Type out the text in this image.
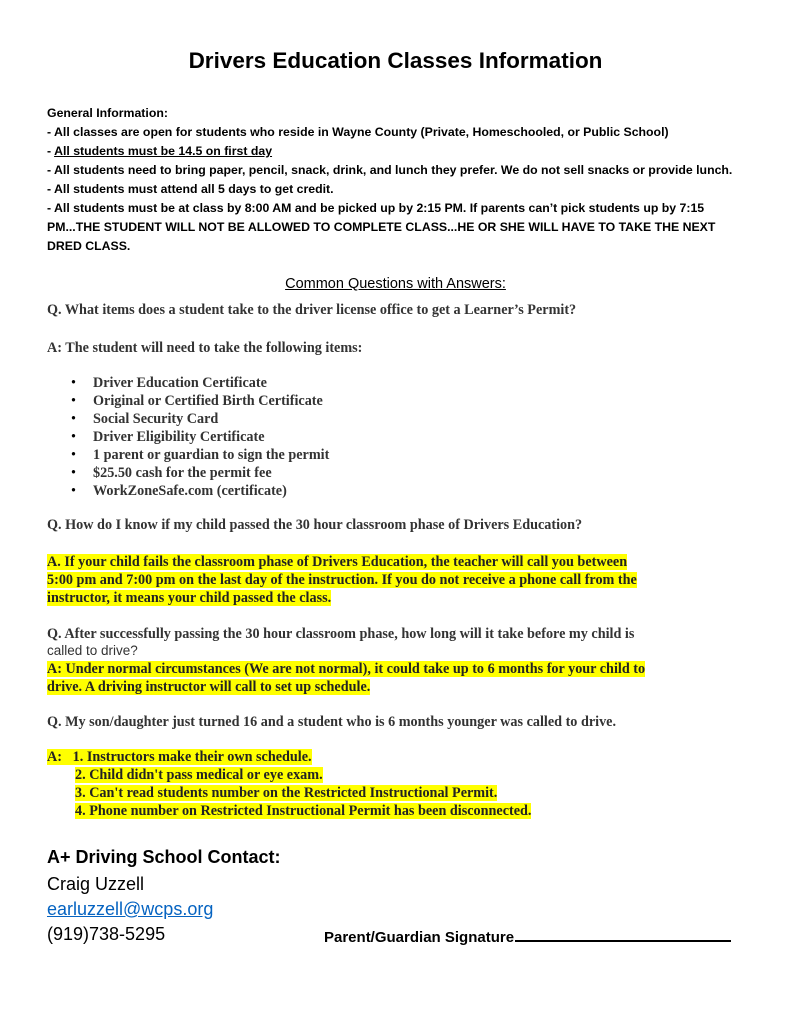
Drivers Education Classes Information

General Information:

- All classes are open for students who reside in Wayne County (Private, Homeschooled, or Public School)

- All students must be 14.5 on first day

- All students need to bring paper, pencil, snack, drink, and lunch they prefer. We do not sell snacks or provide lunch.

- All students must attend all 5 days to get credit.

- All students must be at class by 8:00 AM and be picked up by 2:15 PM. If parents can’t pick students up by 7:15 PM...THE STUDENT WILL NOT BE ALLOWED TO COMPLETE CLASS...HE OR SHE WILL HAVE TO TAKE THE NEXT DRED CLASS.

Common Questions with Answers:

Q. What items does a student take to the driver license office to get a Learner’s Permit?

A: The student will need to take the following items:

• Driver Education Certificate
• Original or Certified Birth Certificate
• Social Security Card
• Driver Eligibility Certificate
• 1 parent or guardian to sign the permit
• $25.50 cash for the permit fee
• WorkZoneSafe.com (certificate)

Q. How do I know if my child passed the 30 hour classroom phase of Drivers Education?

A. If your child fails the classroom phase of Drivers Education, the teacher will call you between
5:00 pm and 7:00 pm on the last day of the instruction. If you do not receive a phone call from the
instructor, it means your child passed the class.
Q. After successfully passing the 30 hour classroom phase, how long will it take before my child is
called to drive?
A: Under normal circumstances (We are not normal), it could take up to 6 months for your child to
drive. A driving instructor will call to set up schedule.

Q. My son/daughter just turned 16 and a student who is 6 months younger was called to drive.

A:   1. Instructors make their own schedule.
2. Child didn't pass medical or eye exam.
3. Can't read students number on the Restricted Instructional Permit.
4. Phone number on Restricted Instructional Permit has been disconnected.
A+ Driving School Contact:
Craig Uzzell
earluzzell@wcps.org
(919)738-5295	Parent/Guardian Signature
